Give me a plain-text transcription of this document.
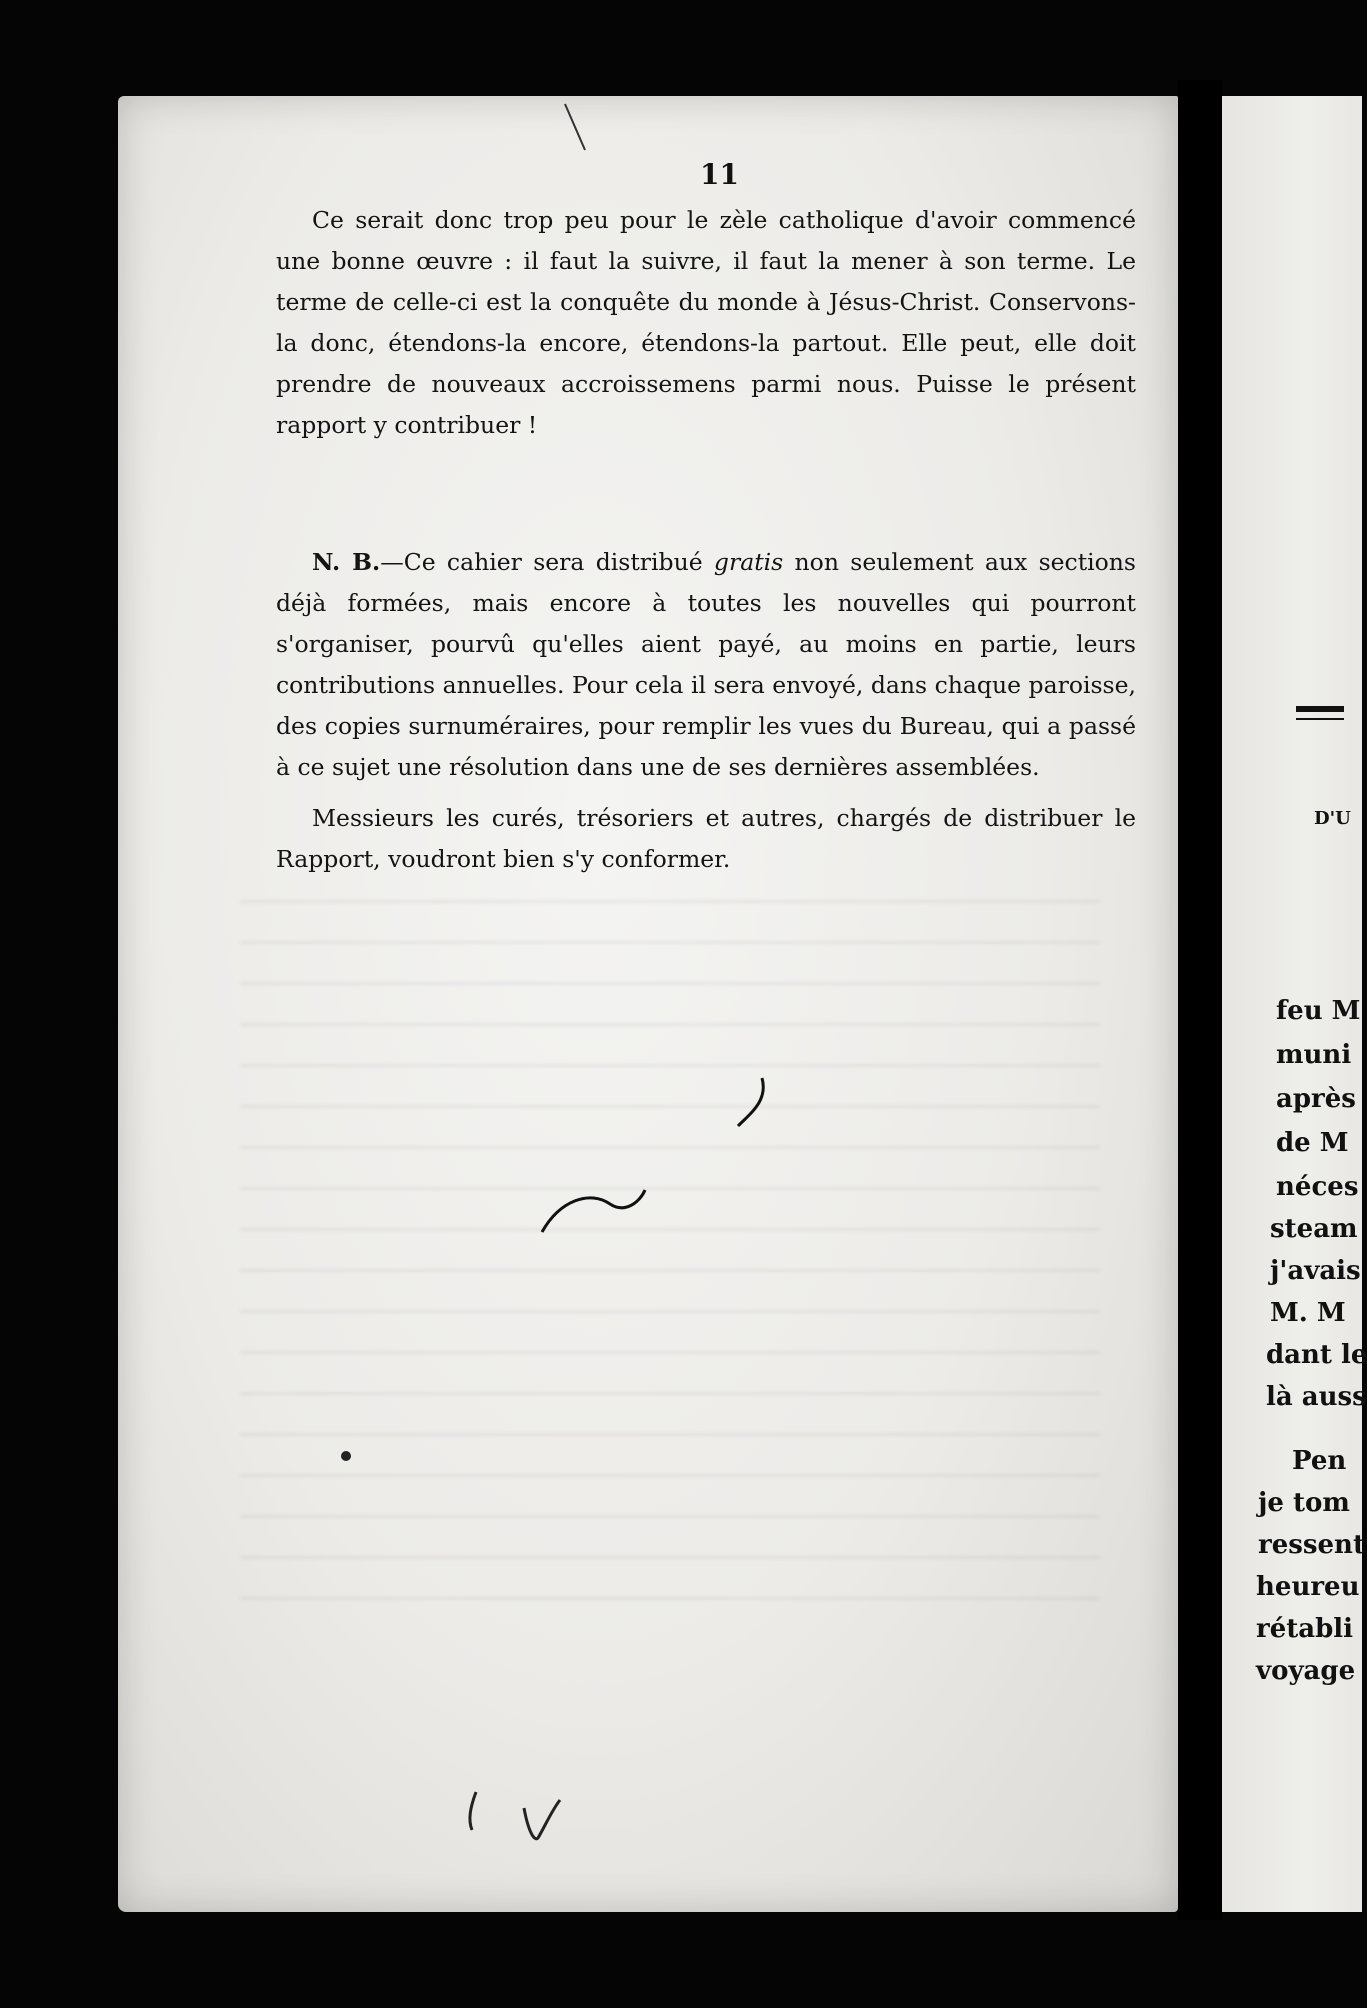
11

Ce serait donc trop peu pour le zèle catholique d'avoir commencé une bonne œuvre : il faut la suivre, il faut la mener à son terme. Le terme de celle-ci est la conquête du monde à Jésus-Christ. Conservons-la donc, étendons-la encore, étendons-la partout. Elle peut, elle doit prendre de nouveaux accroissemens parmi nous. Puisse le présent rapport y contribuer !

N. B.—Ce cahier sera distribué gratis non seulement aux sections déjà formées, mais encore à toutes les nouvelles qui pourront s'organiser, pourvû qu'elles aient payé, au moins en partie, leurs contributions annuelles. Pour cela il sera envoyé, dans chaque paroisse, des copies surnuméraires, pour remplir les vues du Bureau, qui a passé à ce sujet une résolution dans une de ses dernières assemblées.

Messieurs les curés, trésoriers et autres, chargés de distribuer le Rapport, voudront bien s'y conformer.

D'U
feu M
muni
après
de M
néces
steam
j'avais
M. M
dant le
là auss
Pen
je tom
ressent
heureu
rétabli
voyage
